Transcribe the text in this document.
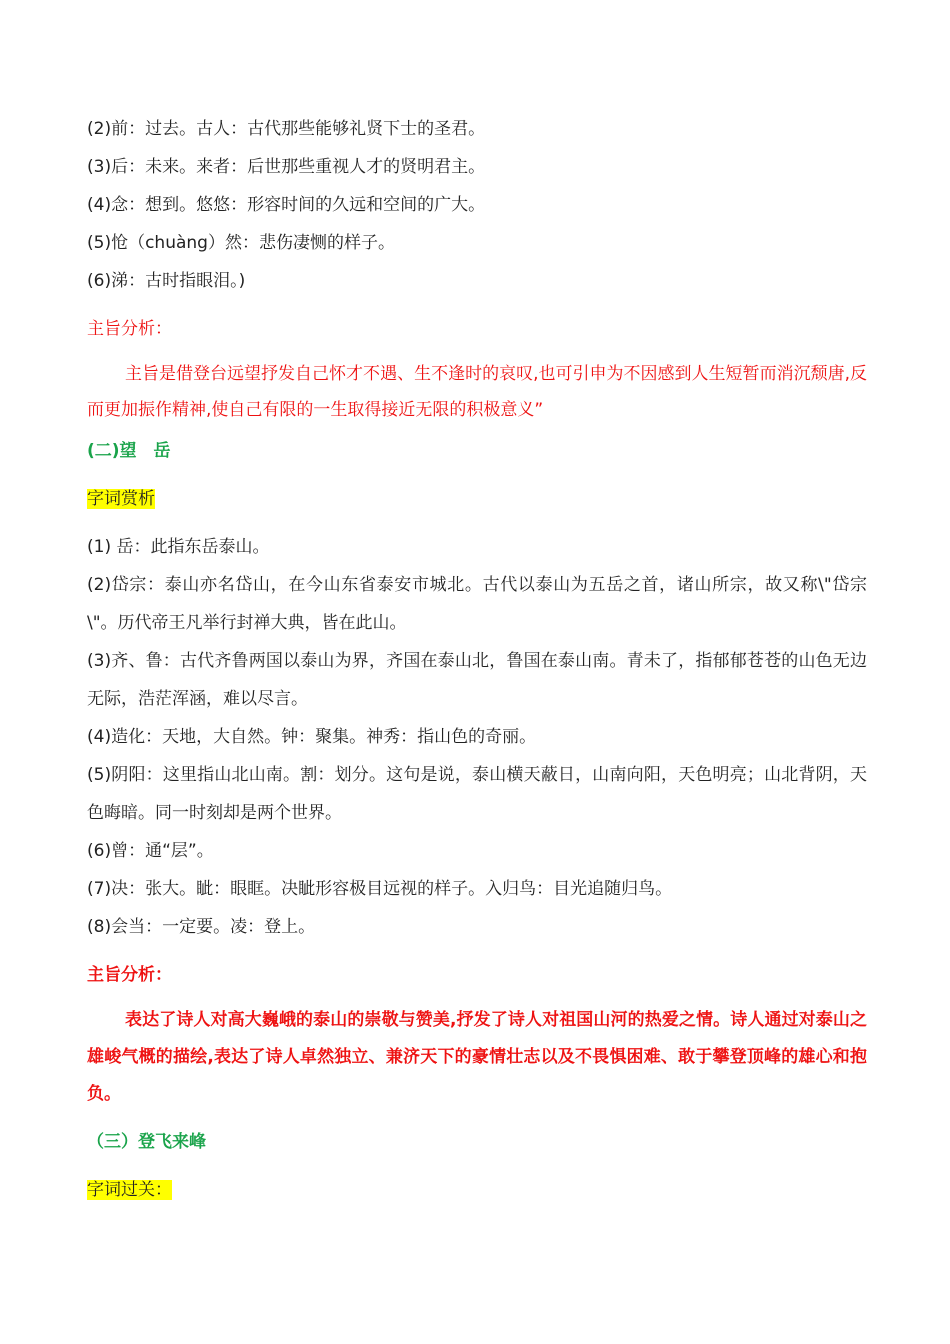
(2)前：过去。古人：古代那些能够礼贤下士的圣君。
(3)后：未来。来者：后世那些重视人才的贤明君主。
(4)念：想到。悠悠：形容时间的久远和空间的广大。
(5)怆（chuàng）然：悲伤凄恻的样子。
(6)涕：古时指眼泪。)
主旨分析：
主旨是借登台远望抒发自己怀才不遇、生不逢时的哀叹,也可引申为不因感到人生短暂而消沉颓唐,反而更加振作精神,使自己有限的一生取得接近无限的积极意义”
(二)望　岳
字词赏析
(1) 岳：此指东岳泰山。
(2)岱宗：泰山亦名岱山，在今山东省泰安市城北。古代以泰山为五岳之首，诸山所宗，故又称\"岱宗\"。历代帝王凡举行封禅大典，皆在此山。
(3)齐、鲁：古代齐鲁两国以泰山为界，齐国在泰山北，鲁国在泰山南。青未了，指郁郁苍苍的山色无边无际，浩茫浑涵，难以尽言。
(4)造化：天地，大自然。钟：聚集。神秀：指山色的奇丽。
(5)阴阳：这里指山北山南。割：划分。这句是说，泰山横天蔽日，山南向阳，天色明亮；山北背阴，天色晦暗。同一时刻却是两个世界。
(6)曾：通“层”。
(7)决：张大。眦：眼眶。决眦形容极目远视的样子。入归鸟：目光追随归鸟。
(8)会当：一定要。凌：登上。
主旨分析：
表达了诗人对高大巍峨的泰山的崇敬与赞美,抒发了诗人对祖国山河的热爱之情。诗人通过对泰山之雄峻气概的描绘,表达了诗人卓然独立、兼济天下的豪情壮志以及不畏惧困难、敢于攀登顶峰的雄心和抱负。
（三）登飞来峰
字词过关：
